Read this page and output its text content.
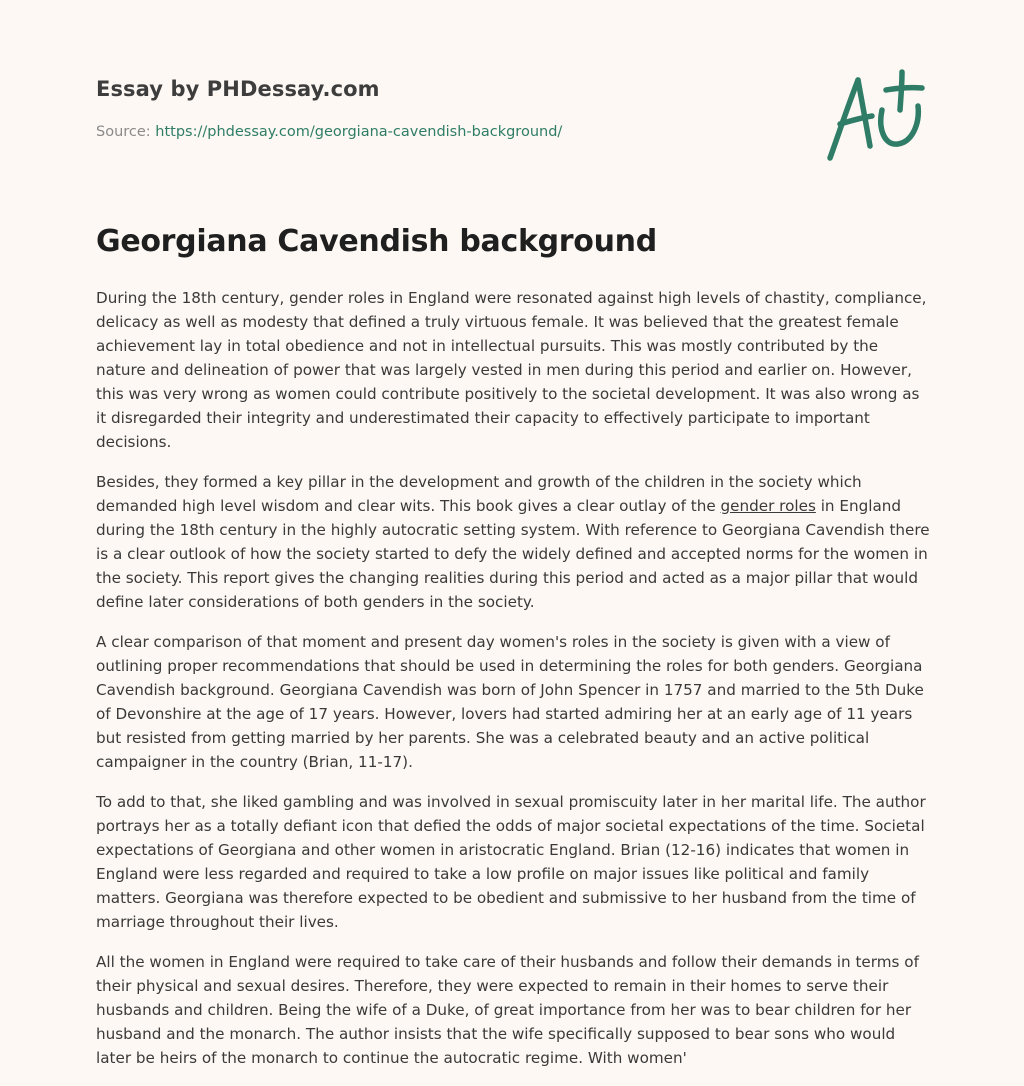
Essay by PHDessay.com
Source: https://phdessay.com/georgiana-cavendish-background/
Georgiana Cavendish background

During the 18th century, gender roles in England were resonated against high levels of chastity, compliance, delicacy as well as modesty that defined a truly virtuous female. It was believed that the greatest female achievement lay in total obedience and not in intellectual pursuits. This was mostly contributed by the nature and delineation of power that was largely vested in men during this period and earlier on. However, this was very wrong as women could contribute positively to the societal development. It was also wrong as it disregarded their integrity and underestimated their capacity to effectively participate to important decisions.

Besides, they formed a key pillar in the development and growth of the children in the society which demanded high level wisdom and clear wits. This book gives a clear outlay of the gender roles in England during the 18th century in the highly autocratic setting system. With reference to Georgiana Cavendish there is a clear outlook of how the society started to defy the widely defined and accepted norms for the women in the society. This report gives the changing realities during this period and acted as a major pillar that would define later considerations of both genders in the society.

A clear comparison of that moment and present day women's roles in the society is given with a view of outlining proper recommendations that should be used in determining the roles for both genders. Georgiana Cavendish background. Georgiana Cavendish was born of John Spencer in 1757 and married to the 5th Duke of Devonshire at the age of 17 years. However, lovers had started admiring her at an early age of 11 years but resisted from getting married by her parents. She was a celebrated beauty and an active political campaigner in the country (Brian, 11-17).

To add to that, she liked gambling and was involved in sexual promiscuity later in her marital life. The author portrays her as a totally defiant icon that defied the odds of major societal expectations of the time. Societal expectations of Georgiana and other women in aristocratic England. Brian (12-16) indicates that women in England were less regarded and required to take a low profile on major issues like political and family matters. Georgiana was therefore expected to be obedient and submissive to her husband from the time of marriage throughout their lives.

All the women in England were required to take care of their husbands and follow their demands in terms of their physical and sexual desires. Therefore, they were expected to remain in their homes to serve their husbands and children. Being the wife of a Duke, of great importance from her was to bear children for her husband and the monarch. The author insists that the wife specifically supposed to bear sons who would later be heirs of the monarch to continue the autocratic regime. With women'
